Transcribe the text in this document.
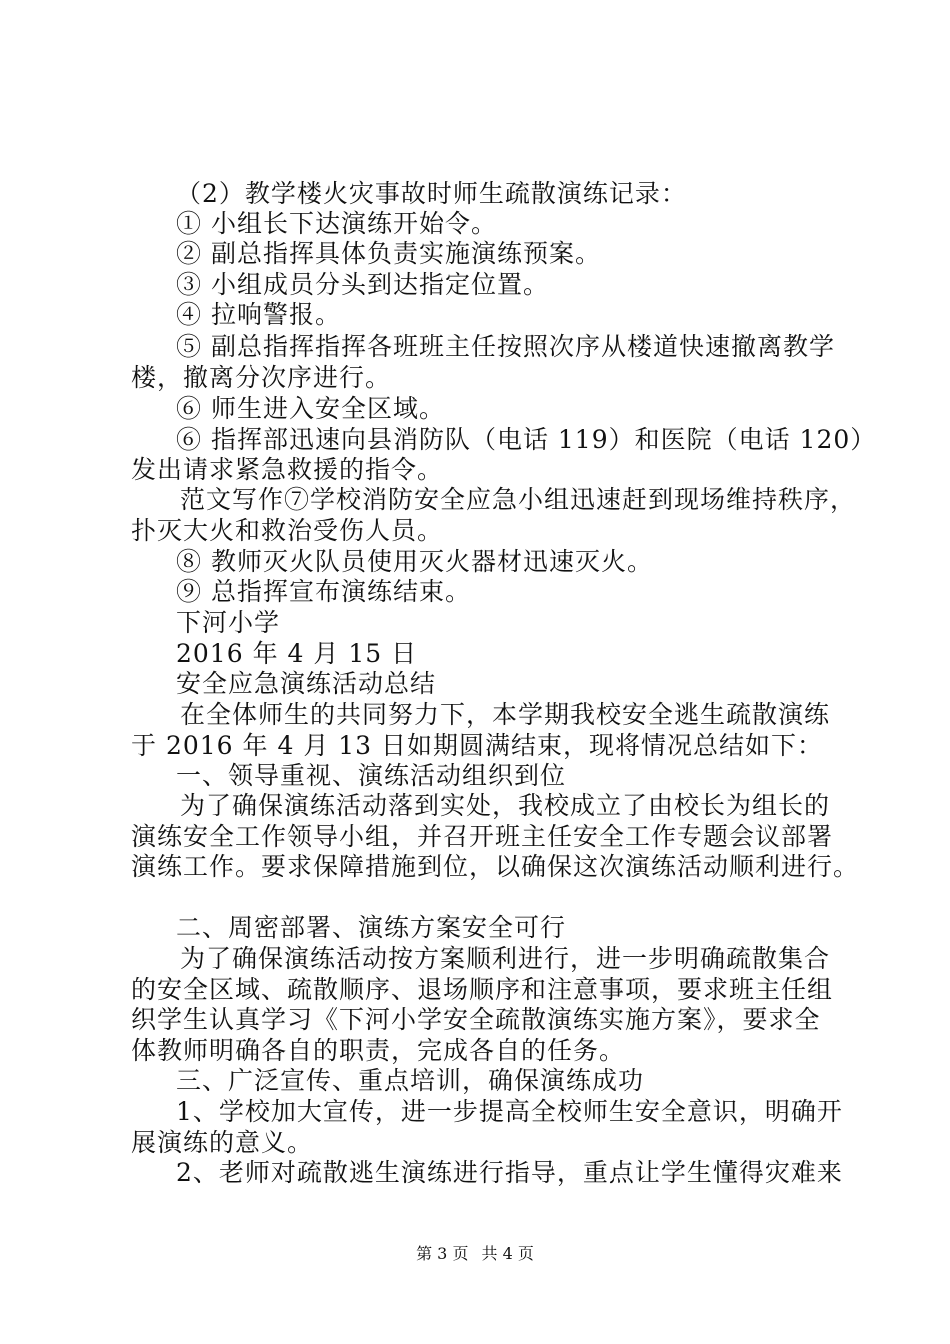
（2）教学楼火灾事故时师生疏散演练记录：
① 小组长下达演练开始令。
② 副总指挥具体负责实施演练预案。
③ 小组成员分头到达指定位置。
④ 拉响警报。
⑤ 副总指挥指挥各班班主任按照次序从楼道快速撤离教学
楼，撤离分次序进行。
⑥ 师生进入安全区域。
⑥ 指挥部迅速向县消防队（电话 119）和医院（电话 120）
发出请求紧急救援的指令。
范文写作⑦学校消防安全应急小组迅速赶到现场维持秩序，
扑灭大火和救治受伤人员。
⑧ 教师灭火队员使用灭火器材迅速灭火。
⑨ 总指挥宣布演练结束。
下河小学
2016 年 4 月 15 日
安全应急演练活动总结
在全体师生的共同努力下，本学期我校安全逃生疏散演练
于 2016 年 4 月 13 日如期圆满结束，现将情况总结如下：
一、领导重视、演练活动组织到位
为了确保演练活动落到实处，我校成立了由校长为组长的
演练安全工作领导小组，并召开班主任安全工作专题会议部署
演练工作。要求保障措施到位，以确保这次演练活动顺利进行。
二、周密部署、演练方案安全可行
为了确保演练活动按方案顺利进行，进一步明确疏散集合
的安全区域、疏散顺序、退场顺序和注意事项，要求班主任组
织学生认真学习《下河小学安全疏散演练实施方案》，要求全
体教师明确各自的职责，完成各自的任务。
三、广泛宣传、重点培训，确保演练成功
1、学校加大宣传，进一步提高全校师生安全意识，明确开
展演练的意义。
2、老师对疏散逃生演练进行指导，重点让学生懂得灾难来
第 3 页 共 4 页
